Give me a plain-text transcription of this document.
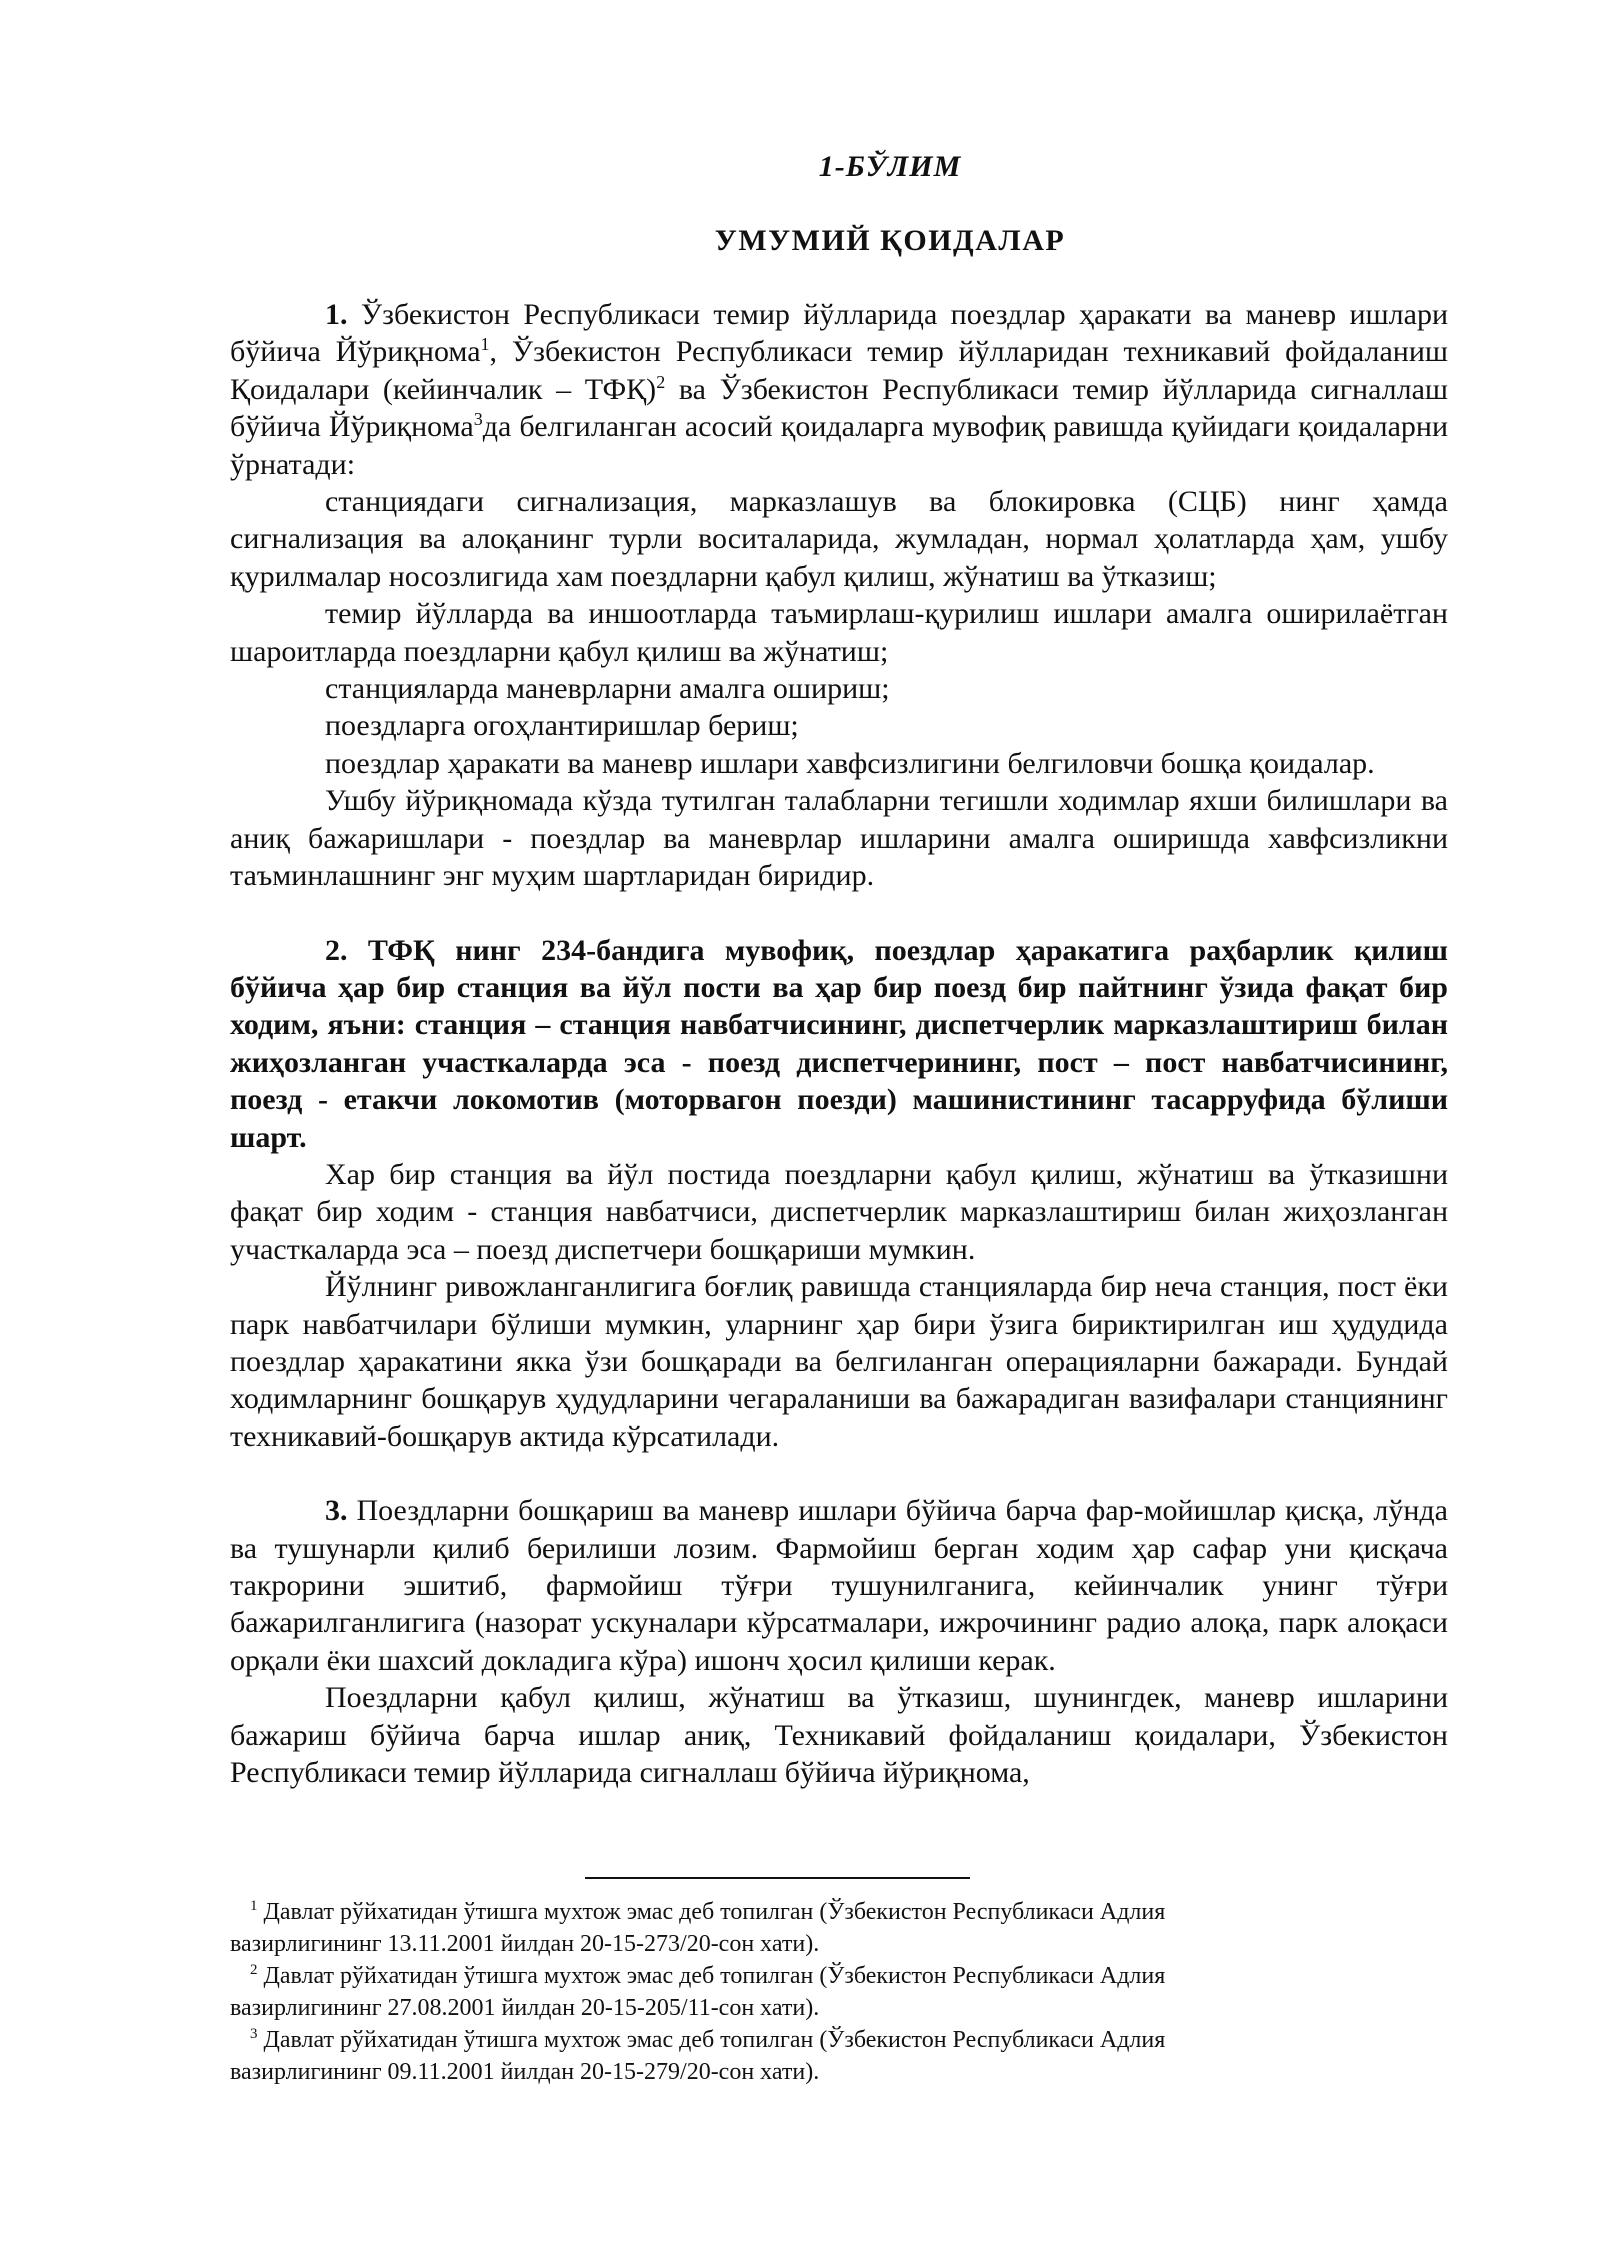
1-БЎЛИМ
УМУМИЙ ҚОИДАЛАР

1. Ўзбекистон Республикаси темир йўлларида поездлар ҳаракати ва маневр ишлари бўйича Йўриқнома$^1$, Ўзбекистон Республикаси темир йўлларидан техникавий фойдаланиш Қоидалари (кейинчалик – ТФҚ)$^2$ ва Ўзбекистон Республикаси темир йўлларида сигналлаш бўйича Йўриқнома$^3$да белгиланган асосий қоидаларга мувофиқ равишда қуйидаги қоидаларни ўрнатади:

станциядаги сигнализация, марказлашув ва блокировка (СЦБ) нинг ҳамда сигнализация ва алоқанинг турли воситаларида, жумладан, нормал ҳолатларда ҳам, ушбу қурилмалар носозлигида хам поездларни қабул қилиш, жўнатиш ва ўтказиш;

темир йўлларда ва иншоотларда таъмирлаш-қурилиш ишлари амалга оширилаётган шароитларда поездларни қабул қилиш ва жўнатиш;

станцияларда маневрларни амалга ошириш;

поездларга огоҳлантиришлар бериш;

поездлар ҳаракати ва маневр ишлари хавфсизлигини белгиловчи бошқа қоидалар.

Ушбу йўриқномада кўзда тутилган талабларни тегишли ходимлар яхши билишлари ва аниқ бажаришлари - поездлар ва маневрлар ишларини амалга оширишда хавфсизликни таъминлашнинг энг муҳим шартларидан биридир.

2. ТФҚ нинг 234-бандига мувофиқ, поездлар ҳаракатига раҳбарлик қилиш бўйича ҳар бир станция ва йўл пости ва ҳар бир поезд бир пайтнинг ўзида фақат бир ходим, яъни: станция – станция навбатчисининг, диспетчерлик марказлаштириш билан жиҳозланган участкаларда эса - поезд диспетчерининг, пост – пост навбатчисининг, поезд - етакчи локомотив (моторвагон поезди) машинистининг тасарруфида бўлиши шарт.

Хар бир станция ва йўл постида поездларни қабул қилиш, жўнатиш ва ўтказишни фақат бир ходим - станция навбатчиси, диспетчерлик марказлаштириш билан жиҳозланган участкаларда эса – поезд диспетчери бошқариши мумкин.

Йўлнинг ривожланганлигига боғлиқ равишда станцияларда бир неча станция, пост ёки парк навбатчилари бўлиши мумкин, уларнинг ҳар бири ўзига бириктирилган иш ҳудудида поездлар ҳаракатини якка ўзи бошқаради ва белгиланган операцияларни бажаради. Бундай ходимларнинг бошқарув ҳудудларини чегараланиши ва бажарадиган вазифалари станциянинг техникавий-бошқарув актида кўрсатилади.

3. Поездларни бошқариш ва маневр ишлари бўйича барча фар-мойишлар қисқа, лўнда ва тушунарли қилиб берилиши лозим. Фармойиш берган ходим ҳар сафар уни қисқача такрорини эшитиб, фармойиш тўғри тушунилганига, кейинчалик унинг тўғри бажарилганлигига (назорат ускуналари кўрсатмалари, ижрочининг радио алоқа, парк алоқаси орқали ёки шахсий докладига кўра) ишонч ҳосил қилиши керак.

Поездларни қабул қилиш, жўнатиш ва ўтказиш, шунингдек, маневр ишларини бажариш бўйича барча ишлар аниқ, Техникавий фойдаланиш қоидалари, Ўзбекистон Республикаси темир йўлларида сигналлаш бўйича йўриқнома,

$^1$ Давлат рўйхатидан ўтишга мухтож эмас деб топилган (Ўзбекистон Республикаси Адлия вазирлигининг 13.11.2001 йилдан 20-15-273/20-сон хати).

$^2$ Давлат рўйхатидан ўтишга мухтож эмас деб топилган (Ўзбекистон Республикаси Адлия вазирлигининг 27.08.2001 йилдан 20-15-205/11-сон хати).

$^3$ Давлат рўйхатидан ўтишга мухтож эмас деб топилган (Ўзбекистон Республикаси Адлия вазирлигининг 09.11.2001 йилдан 20-15-279/20-сон хати).
